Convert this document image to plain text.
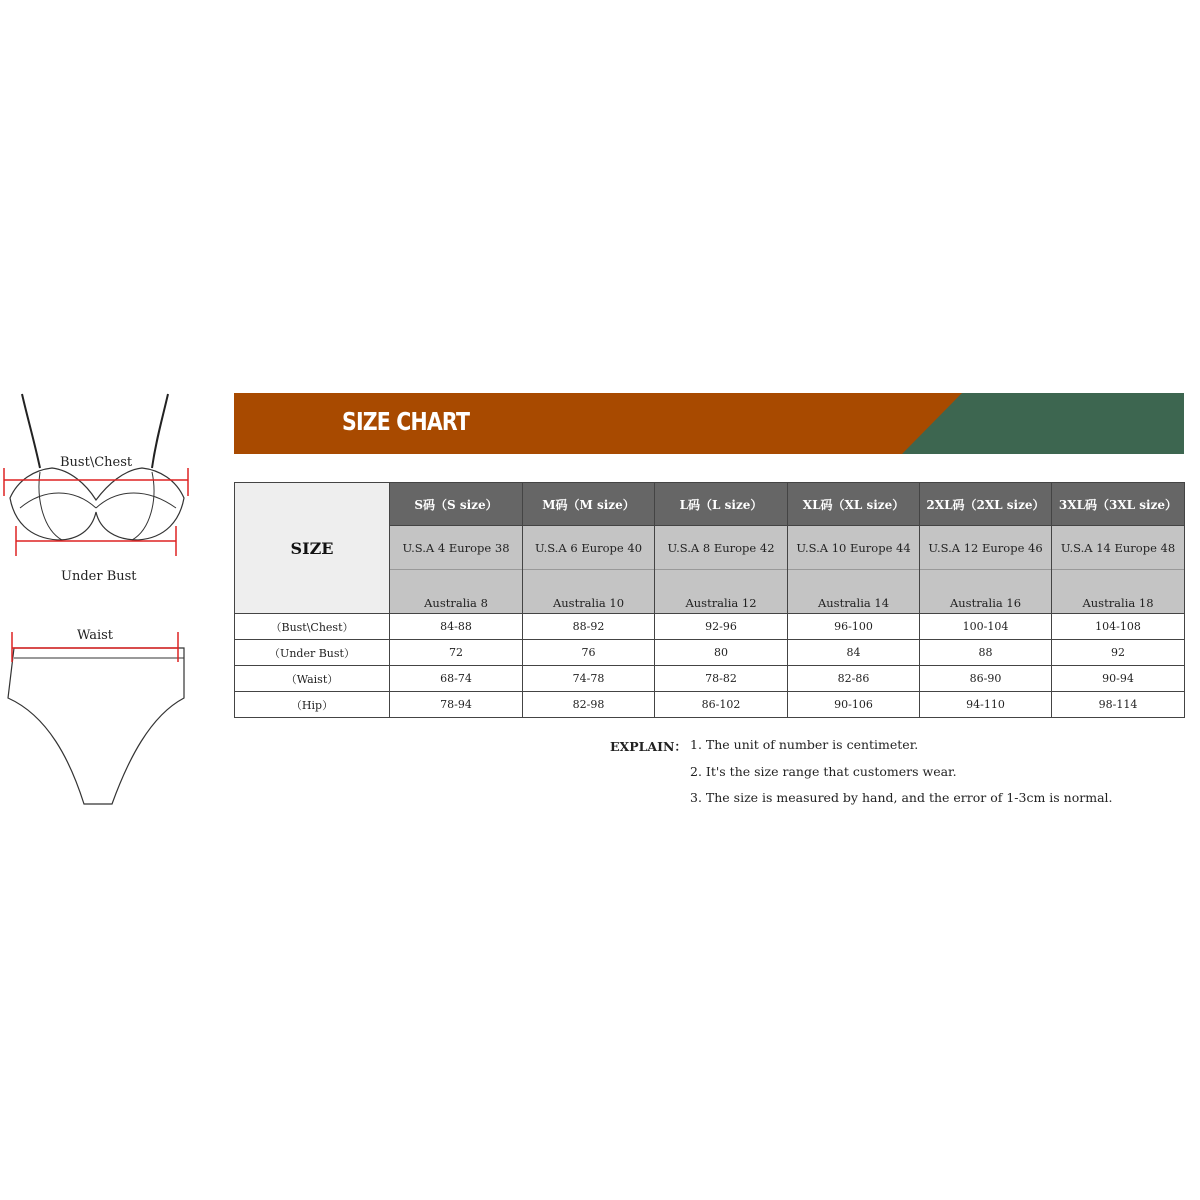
Bust\Chest
Under Bust
Waist
SIZE CHART
SIZE	S码（S size）	M码（M size）	L码（L size）	XL码（XL size）	2XL码（2XL size）	3XL码（3XL size）
	U.S.A 4 Europe 38	U.S.A 6 Europe 40	U.S.A 8 Europe 42	U.S.A 10 Europe 44	U.S.A 12 Europe 46	U.S.A 14 Europe 48
	Australia 8	Australia 10	Australia 12	Australia 14	Australia 16	Australia 18
（Bust\Chest）	84-88	88-92	92-96	96-100	100-104	104-108
（Under Bust）	72	76	80	84	88	92
（Waist）	68-74	74-78	78-82	82-86	86-90	90-94
（Hip）	78-94	82-98	86-102	90-106	94-110	98-114
EXPLAIN： 1. The unit of number is centimeter.
2. It's the size range that customers wear.
3. The size is measured by hand, and the error of 1-3cm is normal.
